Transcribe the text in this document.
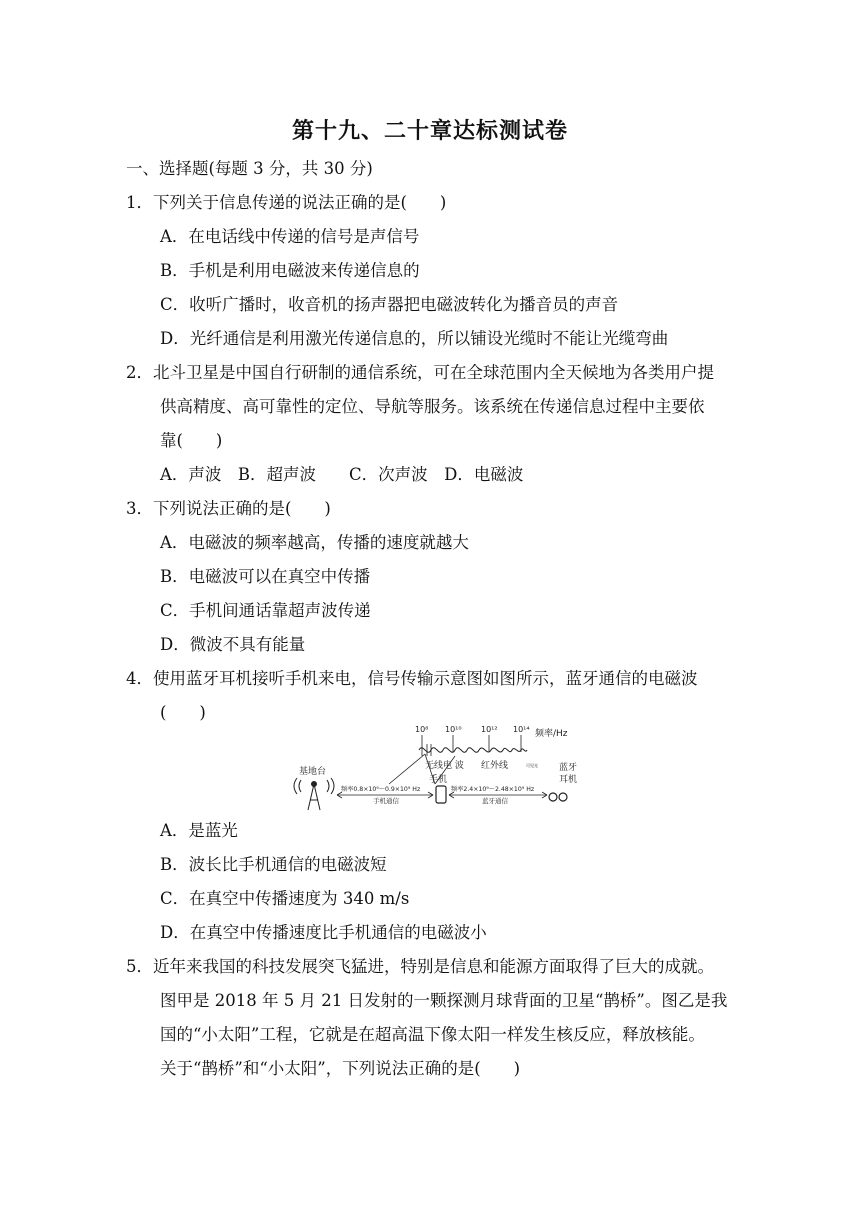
第十九、二十章达标测试卷
一、选择题(每题 3 分，共 30 分)
1．下列关于信息传递的说法正确的是(　　)
A．在电话线中传递的信号是声信号
B．手机是利用电磁波来传递信息的
C．收听广播时，收音机的扬声器把电磁波转化为播音员的声音
D．光纤通信是利用激光传递信息的，所以铺设光缆时不能让光缆弯曲
2．北斗卫星是中国自行研制的通信系统，可在全球范围内全天候地为各类用户提
供高精度、高可靠性的定位、导航等服务。该系统在传递信息过程中主要依
靠(　　)
A．声波　B．超声波　　C．次声波　D．电磁波
3．下列说法正确的是(　　)
A．电磁波的频率越高，传播的速度就越大
B．电磁波可以在真空中传播
C．手机间通话靠超声波传递
D．微波不具有能量
4．使用蓝牙耳机接听手机来电，信号传输示意图如图所示，蓝牙通信的电磁波
(　　)
10⁸ 10¹⁰ 10¹² 10¹⁴ 频率/Hz
无线电 波 红外线	可见光
基地台
手机
蓝牙
耳机
频率0.8×10⁹～0.9×10⁹ Hz
手机通信
频率2.4×10⁹～2.48×10⁹ Hz
蓝牙通信
A．是蓝光
B．波长比手机通信的电磁波短
C．在真空中传播速度为 340 m/s
D．在真空中传播速度比手机通信的电磁波小
5．近年来我国的科技发展突飞猛进，特别是信息和能源方面取得了巨大的成就。
图甲是 2018 年 5 月 21 日发射的一颗探测月球背面的卫星“鹊桥”。图乙是我
国的“小太阳”工程，它就是在超高温下像太阳一样发生核反应，释放核能。
关于“鹊桥”和“小太阳”，下列说法正确的是(　　)
